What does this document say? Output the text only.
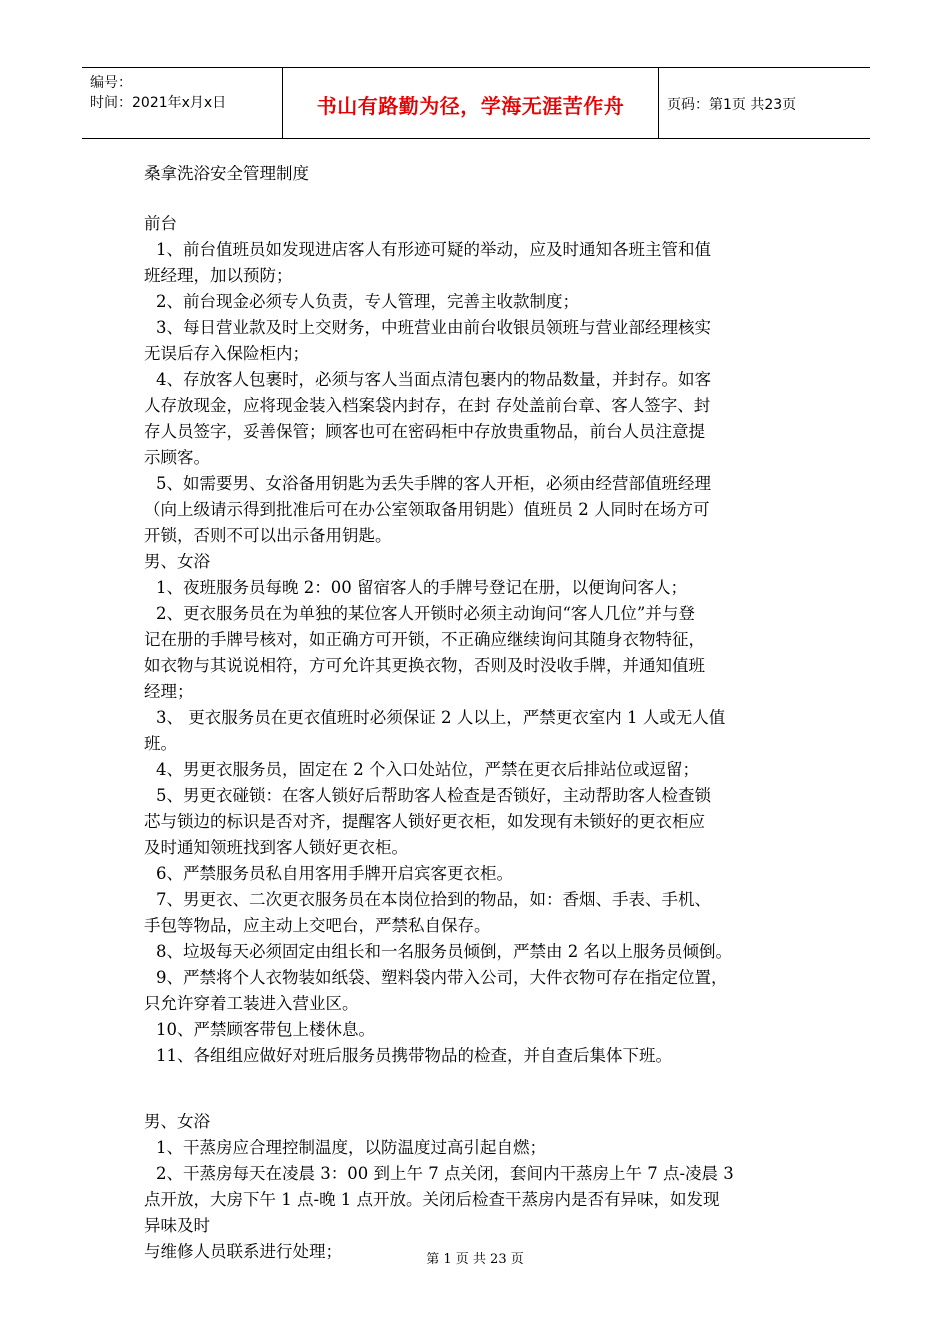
编号：
时间：2021年x月x日	书山有路勤为径，学海无涯苦作舟	页码：第1页 共23页
桑拿洗浴安全管理制度
前台
1、前台值班员如发现进店客人有形迹可疑的举动，应及时通知各班主管和值
班经理，加以预防；
2、前台现金必须专人负责，专人管理，完善主收款制度；
3、每日营业款及时上交财务，中班营业由前台收银员领班与营业部经理核实
无误后存入保险柜内；
4、存放客人包裹时，必须与客人当面点清包裹内的物品数量，并封存。如客
人存放现金，应将现金装入档案袋内封存，在封 存处盖前台章、客人签字、封
存人员签字，妥善保管；顾客也可在密码柜中存放贵重物品，前台人员注意提
示顾客。
5、如需要男、女浴备用钥匙为丢失手牌的客人开柜，必须由经营部值班经理
（向上级请示得到批准后可在办公室领取备用钥匙）值班员 2 人同时在场方可
开锁，否则不可以出示备用钥匙。
男、女浴
1、夜班服务员每晚 2：00 留宿客人的手牌号登记在册，以便询问客人；
2、更衣服务员在为单独的某位客人开锁时必须主动询问“客人几位”并与登
记在册的手牌号核对，如正确方可开锁，不正确应继续询问其随身衣物特征，
如衣物与其说说相符，方可允许其更换衣物，否则及时没收手牌，并通知值班
经理；
3、 更衣服务员在更衣值班时必须保证 2 人以上，严禁更衣室内 1 人或无人值
班。
4、男更衣服务员，固定在 2 个入口处站位，严禁在更衣后排站位或逗留；
5、男更衣碰锁：在客人锁好后帮助客人检查是否锁好，主动帮助客人检查锁
芯与锁边的标识是否对齐，提醒客人锁好更衣柜，如发现有未锁好的更衣柜应
及时通知领班找到客人锁好更衣柜。
6、严禁服务员私自用客用手牌开启宾客更衣柜。
7、男更衣、二次更衣服务员在本岗位拾到的物品，如：香烟、手表、手机、
手包等物品，应主动上交吧台，严禁私自保存。
8、垃圾每天必须固定由组长和一名服务员倾倒，严禁由 2 名以上服务员倾倒。
9、严禁将个人衣物装如纸袋、塑料袋内带入公司，大件衣物可存在指定位置，
只允许穿着工装进入营业区。
10、严禁顾客带包上楼休息。
11、各组组应做好对班后服务员携带物品的检查，并自查后集体下班。
男、女浴
1、干蒸房应合理控制温度，以防温度过高引起自燃；
2、干蒸房每天在凌晨 3：00 到上午 7 点关闭，套间内干蒸房上午 7 点-凌晨 3
点开放，大房下午 1 点-晚 1 点开放。关闭后检查干蒸房内是否有异味，如发现
异味及时
与维修人员联系进行处理；	第 1 页 共 23 页
